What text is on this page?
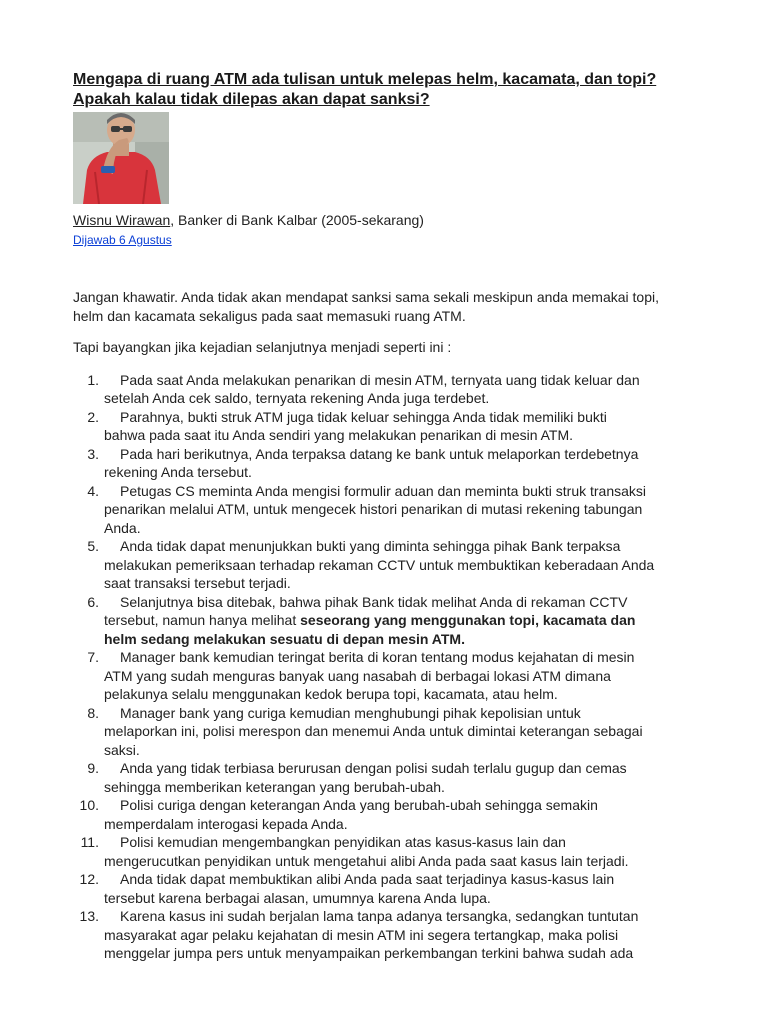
Mengapa di ruang ATM ada tulisan untuk melepas helm, kacamata, dan topi?
Apakah kalau tidak dilepas akan dapat sanksi?
Wisnu Wirawan, Banker di Bank Kalbar (2005-sekarang)
Dijawab 6 Agustus
Jangan khawatir. Anda tidak akan mendapat sanksi sama sekali meskipun anda memakai topi,
helm dan kacamata sekaligus pada saat memasuki ruang ATM.
Tapi bayangkan jika kejadian selanjutnya menjadi seperti ini :
1. Pada saat Anda melakukan penarikan di mesin ATM, ternyata uang tidak keluar dan
setelah Anda cek saldo, ternyata rekening Anda juga terdebet.
2. Parahnya, bukti struk ATM juga tidak keluar sehingga Anda tidak memiliki bukti
bahwa pada saat itu Anda sendiri yang melakukan penarikan di mesin ATM.
3. Pada hari berikutnya, Anda terpaksa datang ke bank untuk melaporkan terdebetnya
rekening Anda tersebut.
4. Petugas CS meminta Anda mengisi formulir aduan dan meminta bukti struk transaksi
penarikan melalui ATM, untuk mengecek histori penarikan di mutasi rekening tabungan
Anda.
5. Anda tidak dapat menunjukkan bukti yang diminta sehingga pihak Bank terpaksa
melakukan pemeriksaan terhadap rekaman CCTV untuk membuktikan keberadaan Anda
saat transaksi tersebut terjadi.
6. Selanjutnya bisa ditebak, bahwa pihak Bank tidak melihat Anda di rekaman CCTV
tersebut, namun hanya melihat seseorang yang menggunakan topi, kacamata dan
helm sedang melakukan sesuatu di depan mesin ATM.
7. Manager bank kemudian teringat berita di koran tentang modus kejahatan di mesin
ATM yang sudah menguras banyak uang nasabah di berbagai lokasi ATM dimana
pelakunya selalu menggunakan kedok berupa topi, kacamata, atau helm.
8. Manager bank yang curiga kemudian menghubungi pihak kepolisian untuk
melaporkan ini, polisi merespon dan menemui Anda untuk dimintai keterangan sebagai
saksi.
9. Anda yang tidak terbiasa berurusan dengan polisi sudah terlalu gugup dan cemas
sehingga memberikan keterangan yang berubah-ubah.
10. Polisi curiga dengan keterangan Anda yang berubah-ubah sehingga semakin
memperdalam interogasi kepada Anda.
11. Polisi kemudian mengembangkan penyidikan atas kasus-kasus lain dan
mengerucutkan penyidikan untuk mengetahui alibi Anda pada saat kasus lain terjadi.
12. Anda tidak dapat membuktikan alibi Anda pada saat terjadinya kasus-kasus lain
tersebut karena berbagai alasan, umumnya karena Anda lupa.
13. Karena kasus ini sudah berjalan lama tanpa adanya tersangka, sedangkan tuntutan
masyarakat agar pelaku kejahatan di mesin ATM ini segera tertangkap, maka polisi
menggelar jumpa pers untuk menyampaikan perkembangan terkini bahwa sudah ada
